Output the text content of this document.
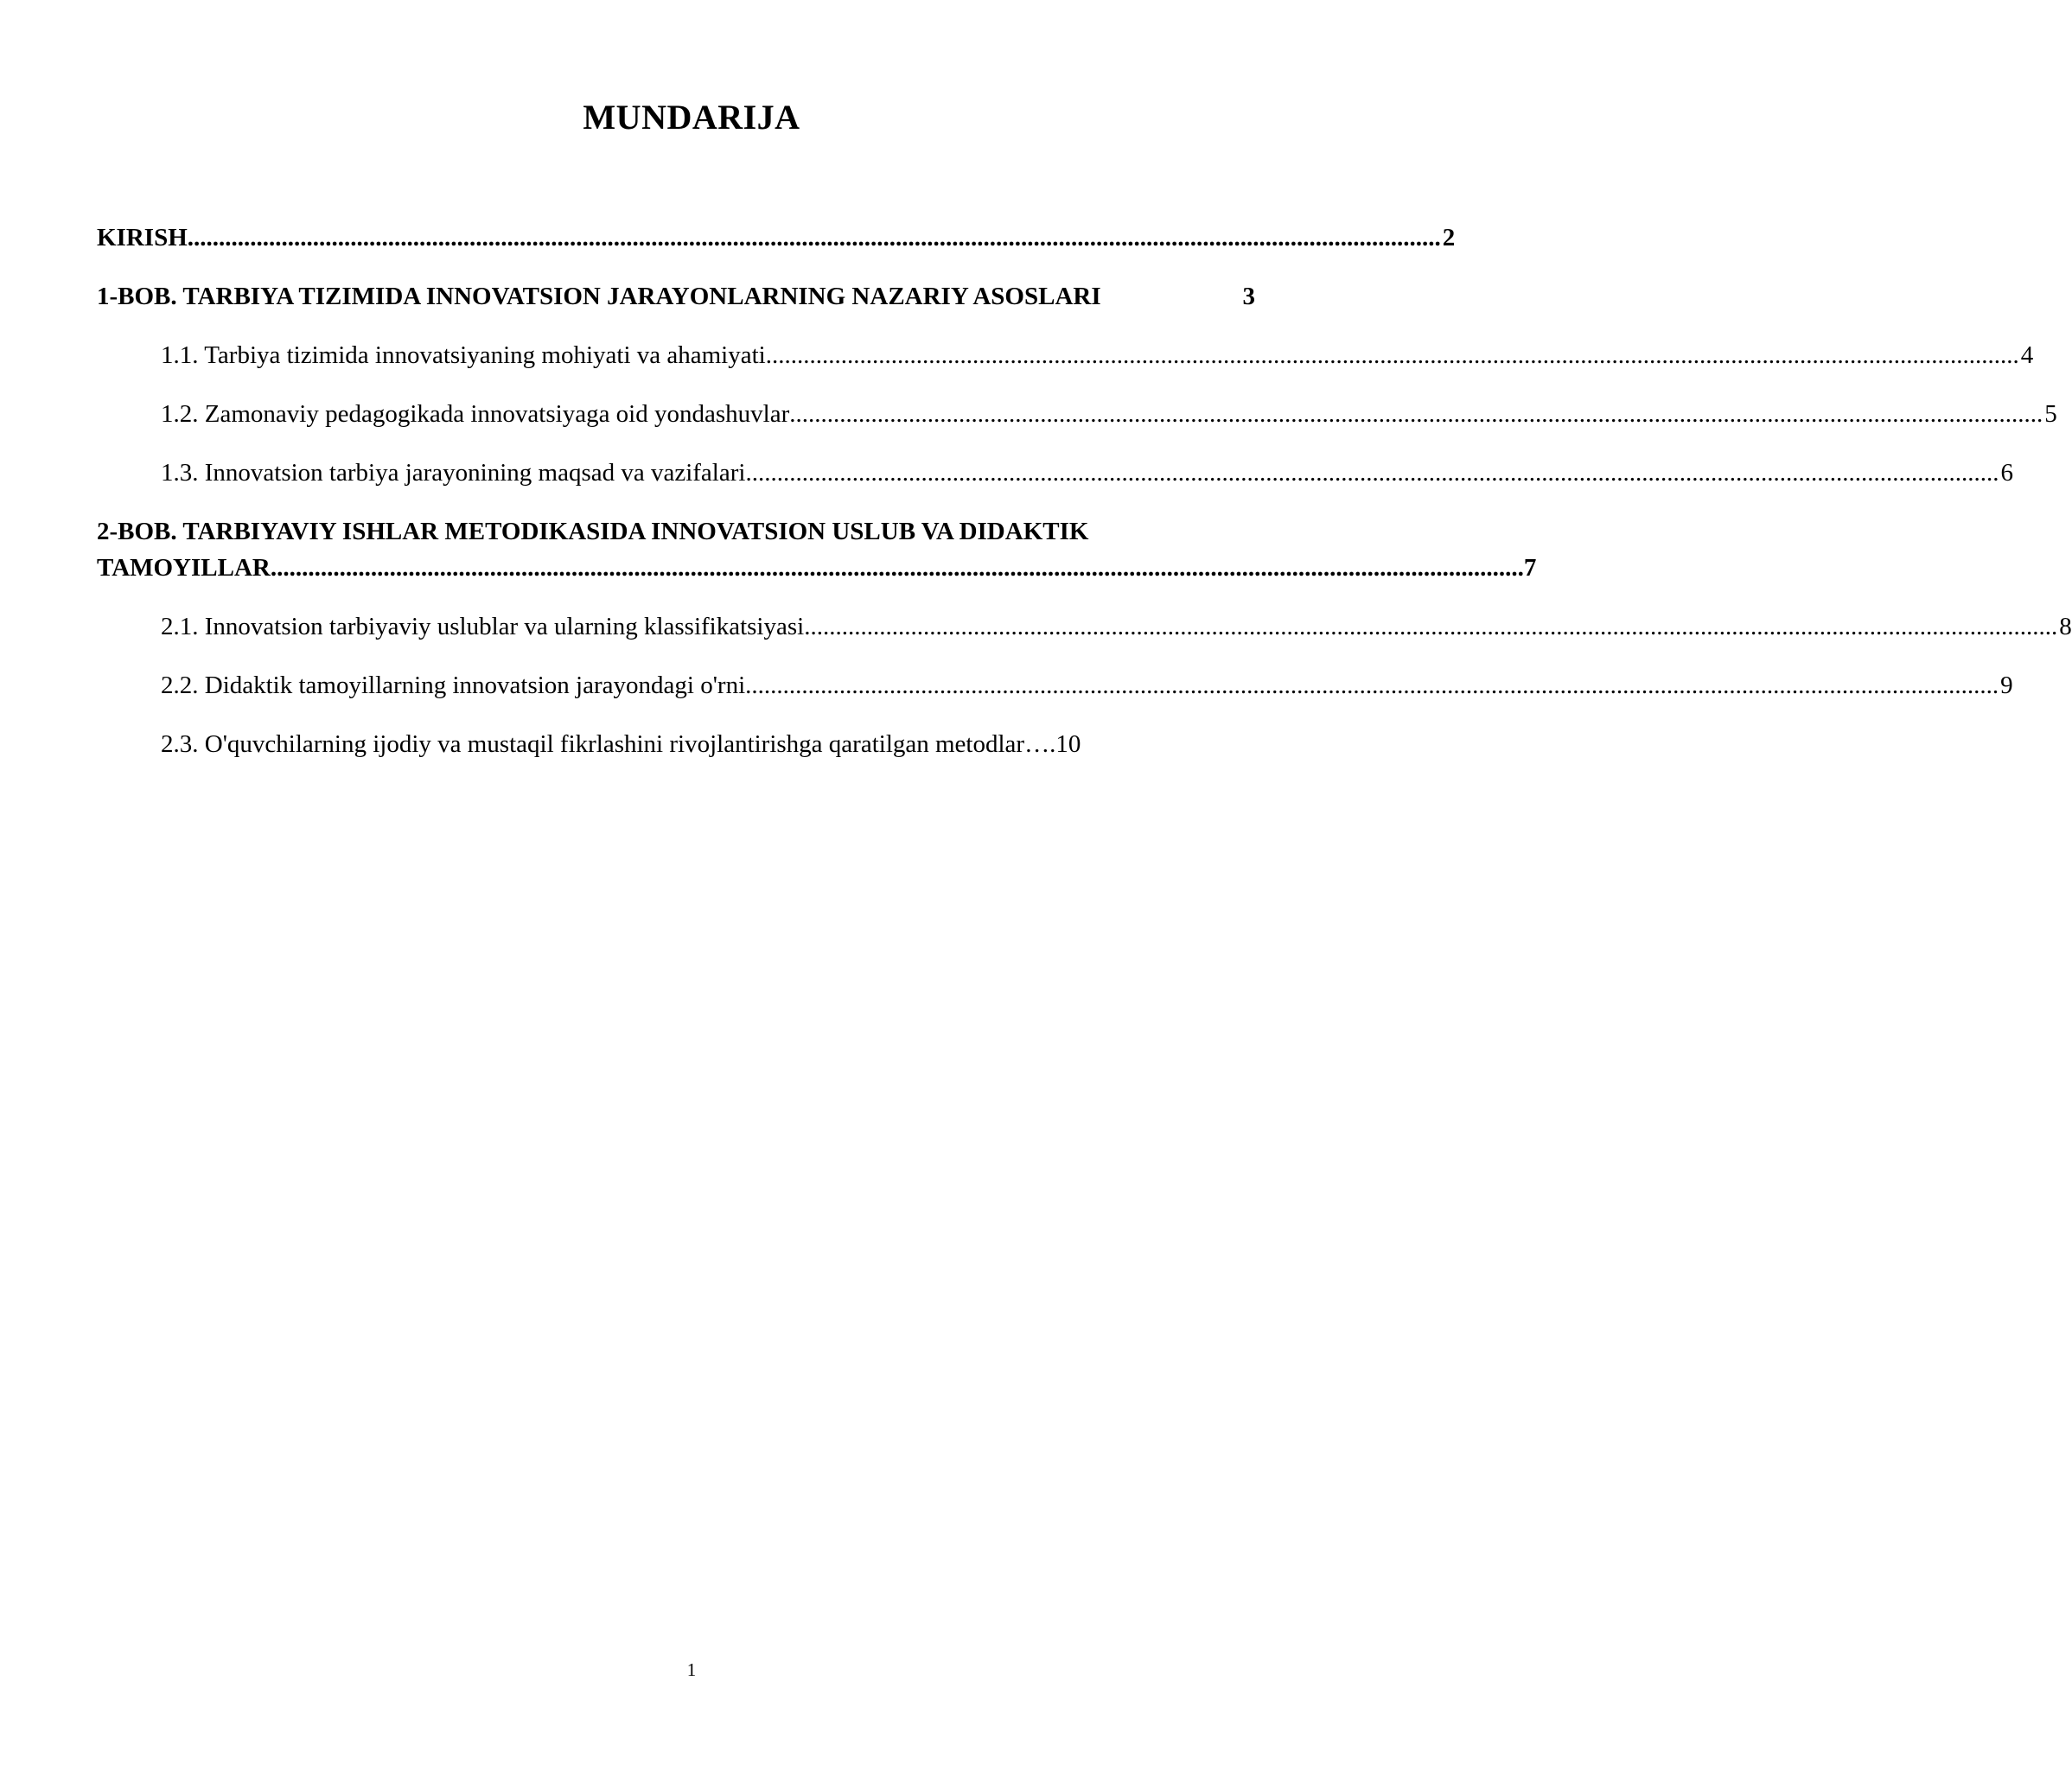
MUNDARIJA
KIRISH ........................................................................................................................................................................................................ 2
1-BOB. TARBIYA TIZIMIDA INNOVATSION JARAYONLARNING NAZARIY ASOSLARI	3
1.1. Tarbiya tizimida innovatsiyaning mohiyati va ahamiyati ........................................................................................................................................................................................................ 4
1.2. Zamonaviy pedagogikada innovatsiyaga oid yondashuvlar ........................................................................................................................................................................................................ 5
1.3. Innovatsion tarbiya jarayonining maqsad va vazifalari ........................................................................................................................................................................................................ 6
2-BOB. TARBIYAVIY ISHLAR METODIKASIDA INNOVATSION USLUB VA DIDAKTIK
TAMOYILLAR ........................................................................................................................................................................................................ 7
2.1. Innovatsion tarbiyaviy uslublar va ularning klassifikatsiyasi ........................................................................................................................................................................................................ 8
2.2. Didaktik tamoyillarning innovatsion jarayondagi o'rni ........................................................................................................................................................................................................ 9
2.3. O'quvchilarning ijodiy va mustaqil fikrlashini rivojlantirishga qaratilgan metodlar …. 10
1
